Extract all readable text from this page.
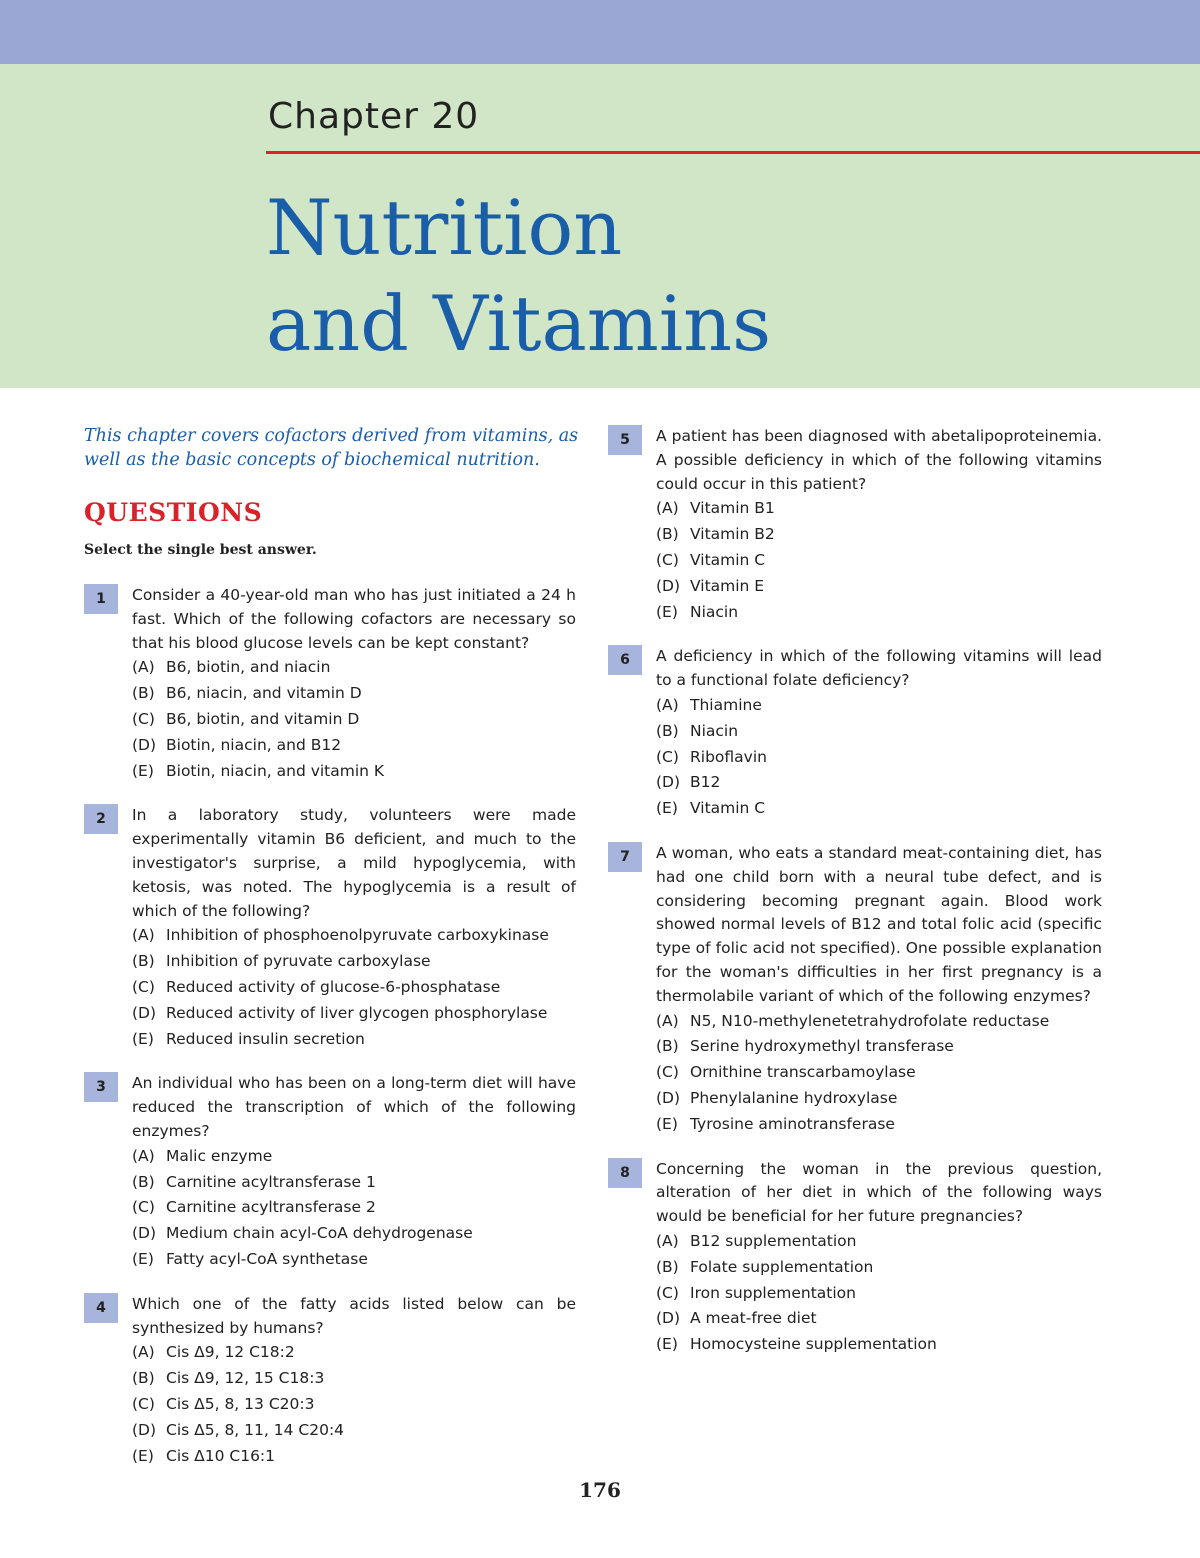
Chapter 20
Nutrition
and Vitamins
This chapter covers cofactors derived from vitamins, as well as the basic concepts of biochemical nutrition.
QUESTIONS
Select the single best answer.
1	Consider a 40-year-old man who has just initiated a 24 h fast. Which of the following cofactors are necessary so that his blood glucose levels can be kept constant?
(A) B6, biotin, and niacin
(B) B6, niacin, and vitamin D
(C) B6, biotin, and vitamin D
(D) Biotin, niacin, and B12
(E) Biotin, niacin, and vitamin K
2	In a laboratory study, volunteers were made experimentally vitamin B6 deficient, and much to the investigator's surprise, a mild hypoglycemia, with ketosis, was noted. The hypoglycemia is a result of which of the following?
(A) Inhibition of phosphoenolpyruvate carboxykinase
(B) Inhibition of pyruvate carboxylase
(C) Reduced activity of glucose-6-phosphatase
(D) Reduced activity of liver glycogen phosphorylase
(E) Reduced insulin secretion
3	An individual who has been on a long-term diet will have reduced the transcription of which of the following enzymes?
(A) Malic enzyme
(B) Carnitine acyltransferase 1
(C) Carnitine acyltransferase 2
(D) Medium chain acyl-CoA dehydrogenase
(E) Fatty acyl-CoA synthetase
4	Which one of the fatty acids listed below can be synthesized by humans?
(A) Cis Δ9, 12 C18:2
(B) Cis Δ9, 12, 15 C18:3
(C) Cis Δ5, 8, 13 C20:3
(D) Cis Δ5, 8, 11, 14 C20:4
(E) Cis Δ10 C16:1
5	A patient has been diagnosed with abetalipoproteinemia. A possible deficiency in which of the following vitamins could occur in this patient?
(A) Vitamin B1
(B) Vitamin B2
(C) Vitamin C
(D) Vitamin E
(E) Niacin
6	A deficiency in which of the following vitamins will lead to a functional folate deficiency?
(A) Thiamine
(B) Niacin
(C) Riboflavin
(D) B12
(E) Vitamin C
7	A woman, who eats a standard meat-containing diet, has had one child born with a neural tube defect, and is considering becoming pregnant again. Blood work showed normal levels of B12 and total folic acid (specific type of folic acid not specified). One possible explanation for the woman's difficulties in her first pregnancy is a thermolabile variant of which of the following enzymes?
(A) N5, N10-methylenetetrahydrofolate reductase
(B) Serine hydroxymethyl transferase
(C) Ornithine transcarbamoylase
(D) Phenylalanine hydroxylase
(E) Tyrosine aminotransferase
8	Concerning the woman in the previous question, alteration of her diet in which of the following ways would be beneficial for her future pregnancies?
(A) B12 supplementation
(B) Folate supplementation
(C) Iron supplementation
(D) A meat-free diet
(E) Homocysteine supplementation
176
